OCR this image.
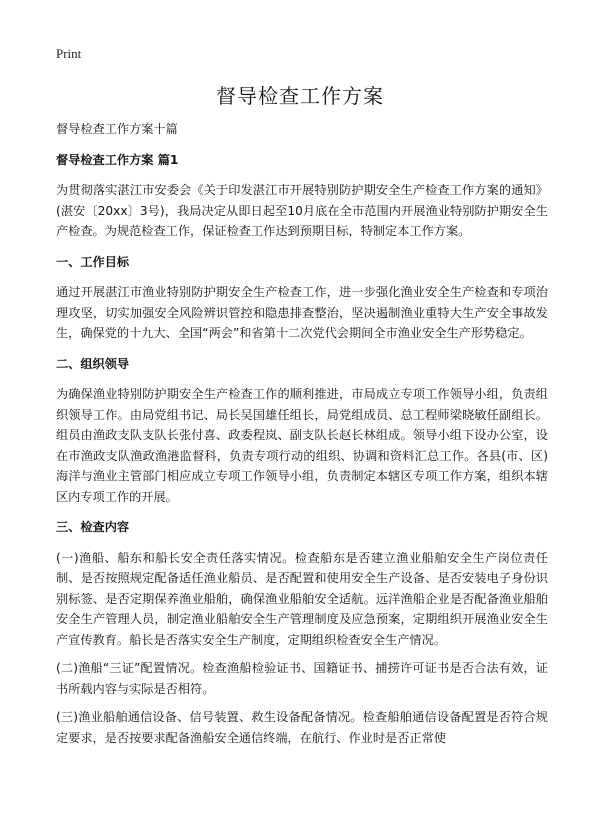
Print
督导检查工作方案

督导检查工作方案十篇

督导检查工作方案 篇1

为贯彻落实湛江市安委会《关于印发湛江市开展特别防护期安全生产检查工作方案的通知》(湛安〔20xx〕3号)，我局决定从即日起至10月底在全市范围内开展渔业特别防护期安全生产检查。为规范检查工作，保证检查工作达到预期目标，特制定本工作方案。

一、工作目标

通过开展湛江市渔业特别防护期安全生产检查工作，进一步强化渔业安全生产检查和专项治理攻坚，切实加强安全风险辨识管控和隐患排查整治，坚决遏制渔业重特大生产安全事故发生，确保党的十九大、全国“两会”和省第十二次党代会期间全市渔业安全生产形势稳定。

二、组织领导

为确保渔业特别防护期安全生产检查工作的顺利推进，市局成立专项工作领导小组，负责组织领导工作。由局党组书记、局长吴国雄任组长，局党组成员、总工程师梁晓敏任副组长。组员由渔政支队支队长张付喜、政委程岚、副支队长赵长林组成。领导小组下设办公室，设在市渔政支队渔政渔港监督科，负责专项行动的组织、协调和资料汇总工作。各县(市、区)海洋与渔业主管部门相应成立专项工作领导小组，负责制定本辖区专项工作方案，组织本辖区内专项工作的开展。

三、检查内容

(一)渔船、船东和船长安全责任落实情况。检查船东是否建立渔业船舶安全生产岗位责任制、是否按照规定配备适任渔业船员、是否配置和使用安全生产设备、是否安装电子身份识别标签、是否定期保养渔业船舶，确保渔业船舶安全适航。远洋渔船企业是否配备渔业船舶安全生产管理人员，制定渔业船舶安全生产管理制度及应急预案，定期组织开展渔业安全生产宣传教育。船长是否落实安全生产制度，定期组织检查安全生产情况。

(二)渔船“三证”配置情况。检查渔船检验证书、国籍证书、捕捞许可证书是否合法有效，证书所载内容与实际是否相符。

(三)渔业船舶通信设备、信号装置、救生设备配备情况。检查船舶通信设备配置是否符合规定要求，是否按要求配备渔船安全通信终端，在航行、作业时是否正常使
